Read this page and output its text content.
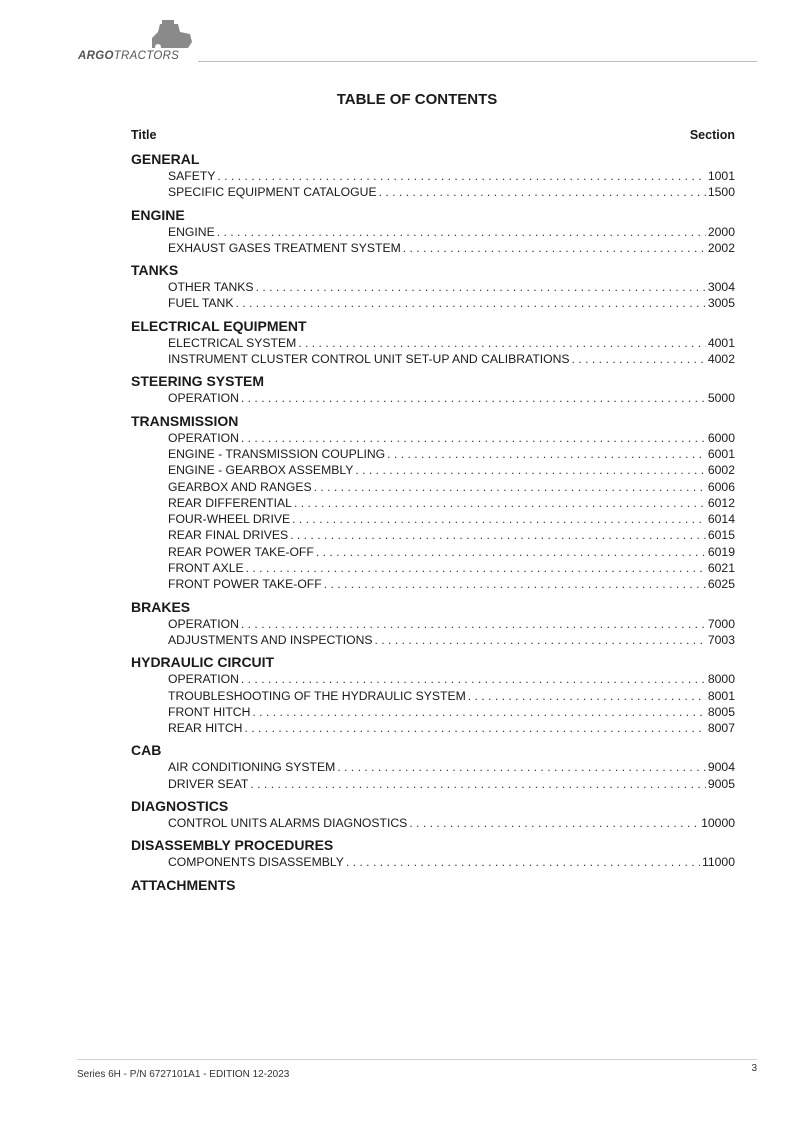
ARGOTRACTORS
TABLE OF CONTENTS
Title	Section
GENERAL
SAFETY . . .	1001
SPECIFIC EQUIPMENT CATALOGUE . . .	1500
ENGINE
ENGINE . . .	2000
EXHAUST GASES TREATMENT SYSTEM . . .	2002
TANKS
OTHER TANKS . . .	3004
FUEL TANK . . .	3005
ELECTRICAL EQUIPMENT
ELECTRICAL SYSTEM . . .	4001
INSTRUMENT CLUSTER CONTROL UNIT SET-UP AND CALIBRATIONS . . .	4002
STEERING SYSTEM
OPERATION . . .	5000
TRANSMISSION
OPERATION . . .	6000
ENGINE - TRANSMISSION COUPLING . . .	6001
ENGINE - GEARBOX ASSEMBLY . . .	6002
GEARBOX AND RANGES . . .	6006
REAR DIFFERENTIAL . . .	6012
FOUR-WHEEL DRIVE . . .	6014
REAR FINAL DRIVES . . .	6015
REAR POWER TAKE-OFF . . .	6019
FRONT AXLE . . .	6021
FRONT POWER TAKE-OFF . . .	6025
BRAKES
OPERATION . . .	7000
ADJUSTMENTS AND INSPECTIONS . . .	7003
HYDRAULIC CIRCUIT
OPERATION . . .	8000
TROUBLESHOOTING OF THE HYDRAULIC SYSTEM . . .	8001
FRONT HITCH . . .	8005
REAR HITCH . . .	8007
CAB
AIR CONDITIONING SYSTEM . . .	9004
DRIVER SEAT . . .	9005
DIAGNOSTICS
CONTROL UNITS ALARMS DIAGNOSTICS . . .	10000
DISASSEMBLY PROCEDURES
COMPONENTS DISASSEMBLY . . .	11000
ATTACHMENTS
Series 6H - P/N 6727101A1 - EDITION 12-2023
3
